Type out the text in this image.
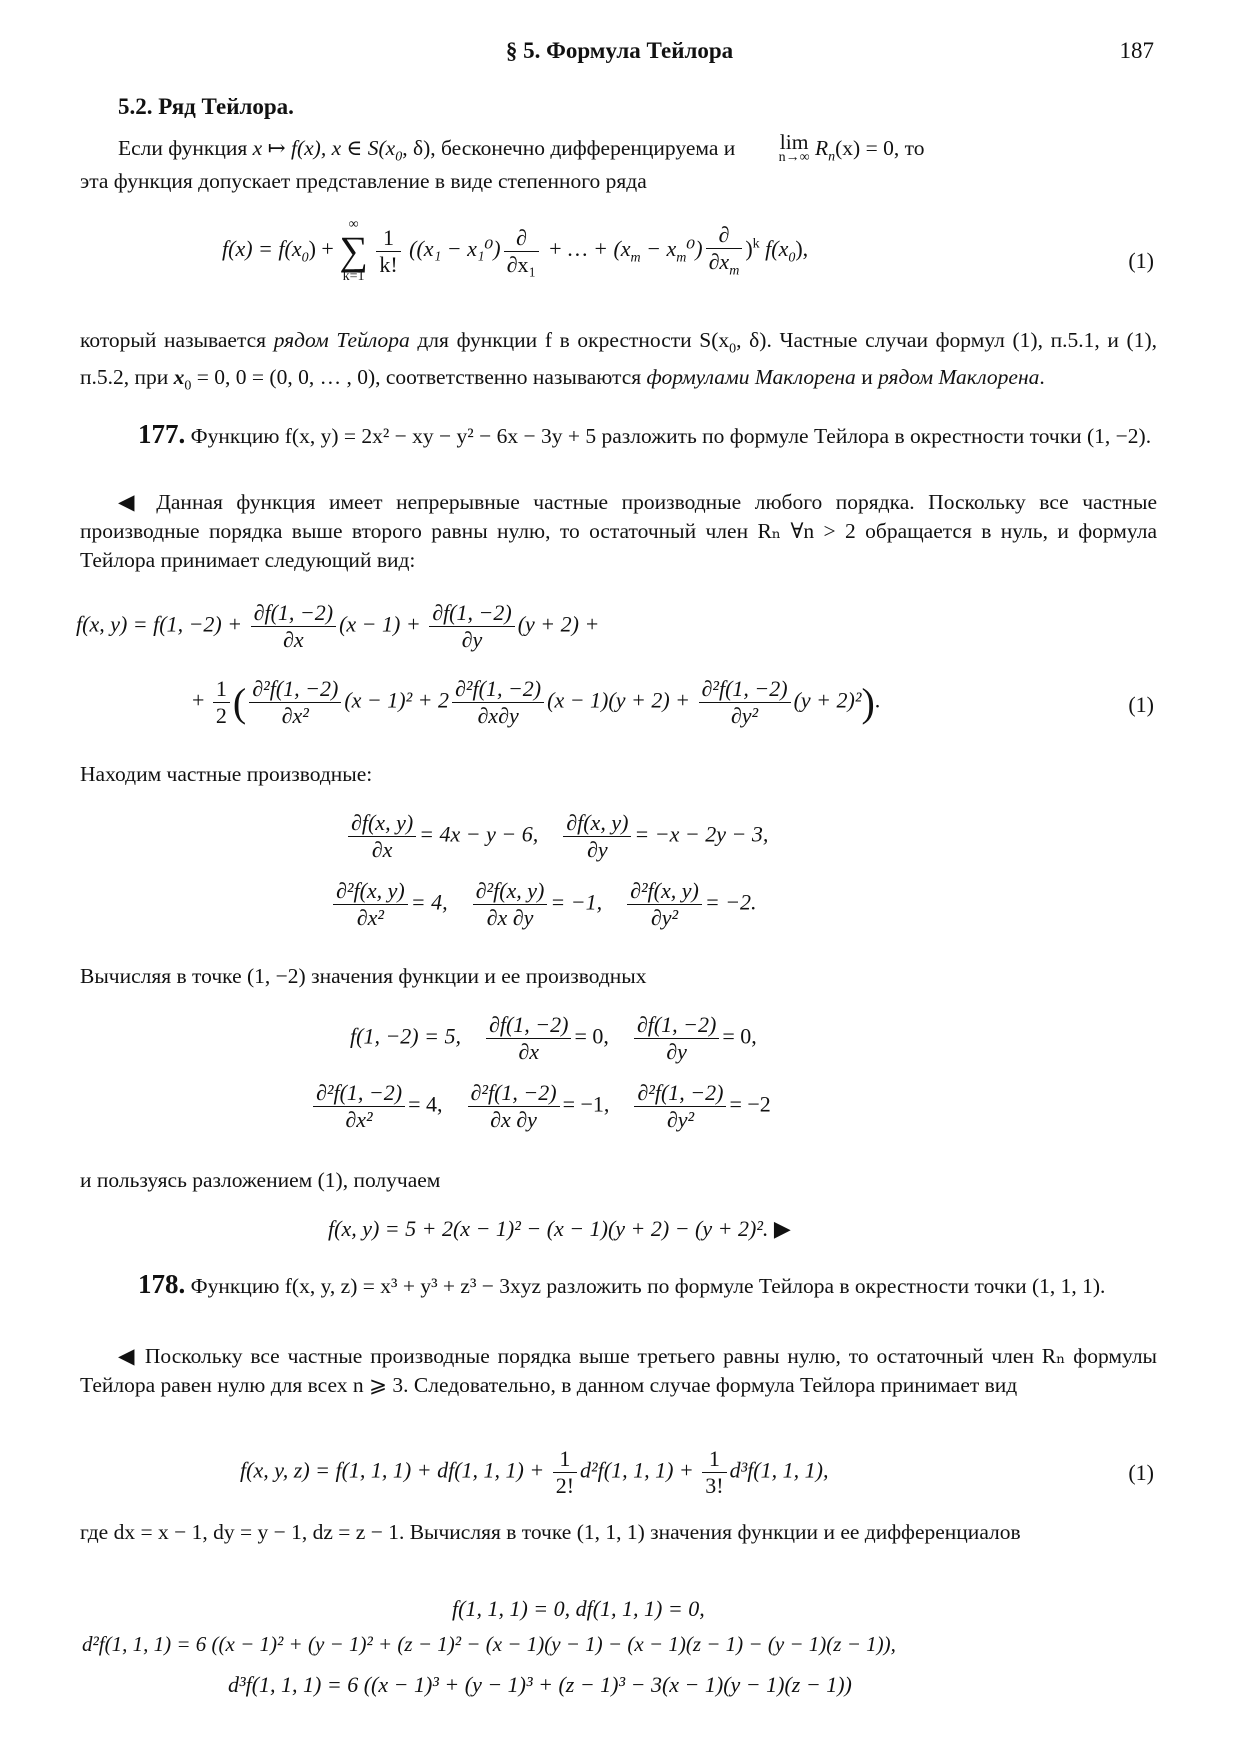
§ 5. Формула Тейлора	187
5.2. Ряд Тейлора.
Если функция x ↦ f(x), x ∈ $S(x_0$, δ), бесконечно дифференцируема и lim
n→∞ $R_n(x) = 0$, то
эта функция допускает представление в виде степенного ряда
$f(x) = f(x_0)$ + ∞
∑
$k=1 \frac{1}{k!} ((x_1 - x_1^0)$ ∂
∂x₁
+ … + $(x_m - x_m^0)$
∂
$\partial x_m$
)$^k$ $f(x_0)$,	(1)
который называется рядом Тейлора для функции f в окрестности $S(x_0$, δ). Частные случаи формул (1), п.5.1, и (1), п.5.2, при $x_0 = 0$, 0 = (0, 0, … , 0), соответственно называются формулами Маклорена и рядом Маклорена.
177. Функцию f(x, y) = 2x² − xy − y² − 6x − 3y + 5 разложить по формуле Тейлора в окрестности точки (1, −2).
◀ Данная функция имеет непрерывные частные производные любого порядка. Поскольку все частные производные порядка выше второго равны нулю, то остаточный член Rₙ ∀n > 2 обращается в нуль, и формула Тейлора принимает следующий вид:
f(x, y) = f(1, $-2) + \frac{\partial f(1, -2)}{\partial x} (x - 1) + \frac{\partial f(1, -2)}{\partial y} (y + 2)$ +
+ $\frac{1}{2}$ ( $\frac{\text{∂²f(1, −2)}}{\text{∂x²}} (x - 1)^2 + 2 \frac{\text{∂²f(1, −2)}}{\partial x\partial y} (x - 1)(y + 2) + \frac{\text{∂²f(1, −2)}}{\text{∂y²}} (y + 2)^2$).	(1)
Находим частные производные:
$\frac{\partial f(x, y)}{\partial x} = 4x - y - 6$, $\frac{\partial f(x, y)}{\partial y} = -x - 2y - 3$,
$\frac{\text{∂²f(x, y)}}{\text{∂x²}} = 4$, $\frac{\text{∂²f(x, y)}}{\partial x \partial y} = -1$, $\frac{\text{∂²f(x, y)}}{\text{∂y²}} = -2$.
Вычисляя в точке (1, −2) значения функции и ее производных
f(1, −2) = 5, $\frac{\partial f(1, -2)}{\partial x} = 0$, $\frac{\partial f(1, -2)}{\partial y} = 0$,
$\frac{\text{∂²f(1, −2)}}{\text{∂x²}} = 4$, $\frac{\text{∂²f(1, −2)}}{\partial x \partial y} = -1$, $\frac{\text{∂²f(1, −2)}}{\text{∂y²}} = -2$
и пользуясь разложением (1), получаем
f(x, y) = 5 + 2(x − 1)² − (x − 1)(y + 2) − (y + 2)². ▶
178. Функцию f(x, y, z) = x³ + y³ + z³ − 3xyz разложить по формуле Тейлора в окрестности точки (1, 1, 1).
◀ Поскольку все частные производные порядка выше третьего равны нулю, то остаточный член Rₙ формулы Тейлора равен нулю для всех n ⩾ 3. Следовательно, в данном случае формула Тейлора принимает вид
f(x, y, z) = f(1, 1, 1) + df(1, 1, $1) + \frac{1}{2!} d^2f(1$, 1, $1) + \frac{1}{3!} d^3f(1$, 1, 1),	(1)
где dx = x − 1, dy = y − 1, dz = z − 1. Вычисляя в точке (1, 1, 1) значения функции и ее дифференциалов
f(1, 1, 1) = 0, df(1, 1, 1) = 0,
d²f(1, 1, 1) = 6 ((x − 1)² + (y − 1)² + (z − 1)² − (x − 1)(y − 1) − (x − 1)(z − 1) − (y − 1)(z − 1)),
d³f(1, 1, 1) = 6 ((x − 1)³ + (y − 1)³ + (z − 1)³ − 3(x − 1)(y − 1)(z − 1))
